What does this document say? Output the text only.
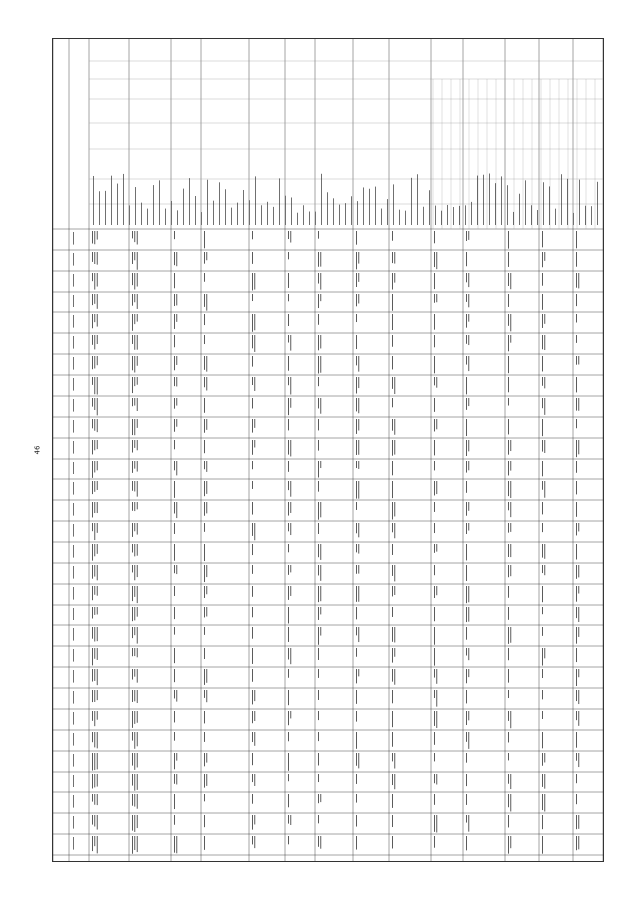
46
